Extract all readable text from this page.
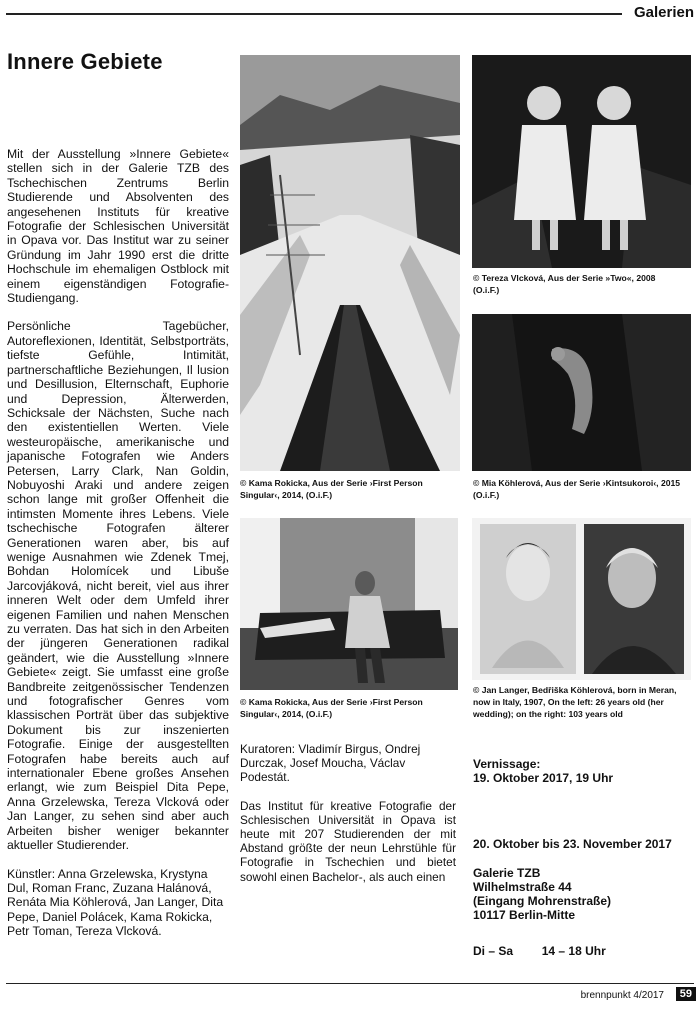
Galerien
Innere Gebiete

Mit der Ausstellung »Innere Gebiete« stellen sich in der Galerie TZB des Tschechischen Zentrums Berlin Studierende und Absolventen des angesehenen Instituts für kreative Fotografie der Schlesischen Universität in Opava vor. Das Institut war zu seiner Gründung im Jahr 1990 erst die dritte Hochschule im ehemaligen Ostblock mit einem eigenständigen Fotografie-Studiengang.

Persönliche Tagebücher, Autoreflexionen, Identität, Selbstporträts, tiefste Gefühle, Intimität, partnerschaftliche Beziehungen, Il lusion und Desillusion, Elternschaft, Euphorie und Depression, Älterwerden, Schicksale der Nächsten, Suche nach den existentiellen Werten. Viele westeuropäische, amerikanische und japanische Fotografen wie Anders Petersen, Larry Clark, Nan Goldin, Nobuyoshi Araki und andere zeigen schon lange mit großer Offenheit die intimsten Momente ihres Lebens. Viele tschechische Fotografen älterer Generationen waren aber, bis auf wenige Ausnahmen wie Zdenek Tmej, Bohdan Holomícek und Libuše Jarcovjáková, nicht bereit, viel aus ihrer inneren Welt oder dem Umfeld ihrer eigenen Familien und nahen Menschen zu verraten. Das hat sich in den Arbeiten der jüngeren Generationen radikal geändert, wie die Ausstellung »Innere Gebiete« zeigt. Sie umfasst eine große Bandbreite zeitgenössischer Tendenzen und fotografischer Genres vom klassischen Porträt über das subjektive Dokument bis zur inszenierten Fotografie. Einige der ausgestellten Fotografen habe bereits auch auf internationaler Ebene großes Ansehen erlangt, wie zum Beispiel Dita Pepe, Anna Grzelewska, Tereza Vlcková oder Jan Langer, zu sehen sind aber auch Arbeiten bisher weniger bekannter aktueller Studierender.

Künstler: Anna Grzelewska, Krystyna Dul, Roman Franc, Zuzana Halánová, Renáta Mia Köhlerová, Jan Langer, Dita Pepe, Daniel Polácek, Kama Rokicka, Petr Toman, Tereza Vlcková.

© Kama Rokicka, Aus der Serie ›First Person Singular‹, 2014, (O.i.F.)
© Kama Rokicka, Aus der Serie ›First Person Singular‹, 2014, (O.i.F.)

Kuratoren: Vladimír Birgus, Ondrej Durczak, Josef Moucha, Václav Podestát.

Das Institut für kreative Fotografie der Schlesischen Universität in Opava ist heute mit 207 Studierenden der mit Abstand größte der neun Lehrstühle für Fotografie in Tschechien und bietet sowohl einen Bachelor-, als auch einen

© Tereza Vlcková, Aus der Serie »Two«, 2008 (O.i.F.)
© Mia Köhlerová, Aus der Serie ›Kintsukoroi‹, 2015 (O.i.F.)
© Jan Langer, Bedřiška Köhlerová, born in Meran, now in Italy, 1907, On the left: 26 years old (her wedding); on the right: 103 years old
Vernissage:
19. Oktober 2017, 19 Uhr
20. Oktober bis 23. November 2017
Galerie TZB
Wilhelmstraße 44
(Eingang Mohrenstraße)
10117 Berlin-Mitte
Di – Sa 14 – 18 Uhr
brennpunkt 4/2017	59
